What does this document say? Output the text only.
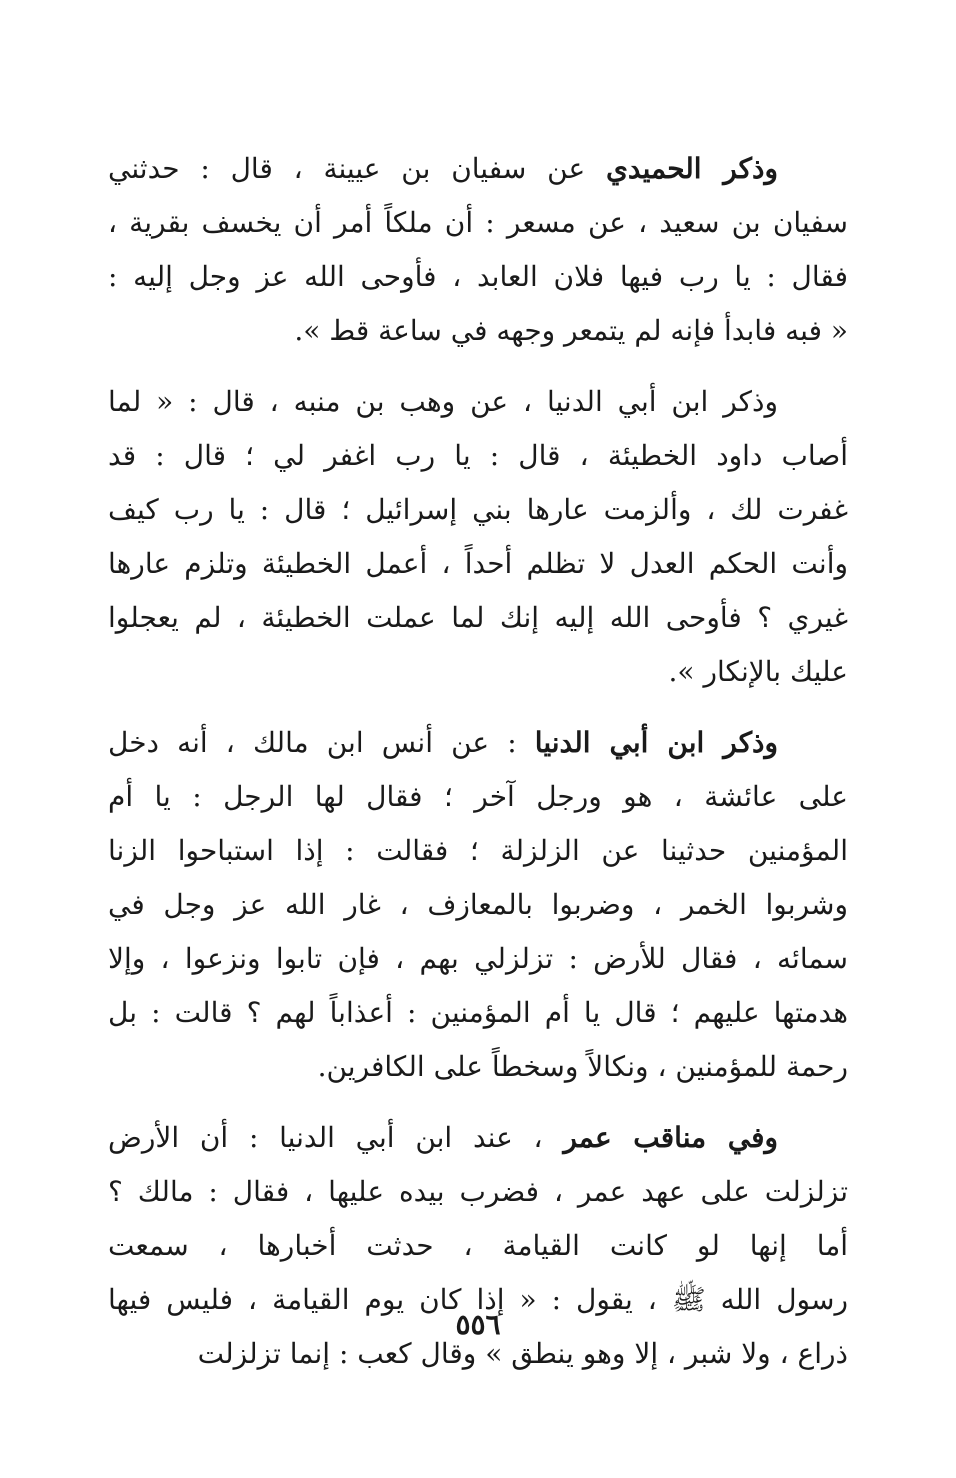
وذكر الحميدي عن سفيان بن عيينة ، قال : حدثني
سفيان بن سعيد ، عن مسعر : أن ملكاً أمر أن يخسف بقرية ،
فقال : يا رب فيها فلان العابد ، فأوحى الله عز وجل إليه :
« فبه فابدأ فإنه لم يتمعر وجهه في ساعة قط ».

وذكر ابن أبي الدنيا ، عن وهب بن منبه ، قال : « لما
أصاب داود الخطيئة ، قال : يا رب اغفر لي ؛ قال : قد
غفرت لك ، وألزمت عارها بني إسرائيل ؛ قال : يا رب كيف
وأنت الحكم العدل لا تظلم أحداً ، أعمل الخطيئة وتلزم عارها
غيري ؟ فأوحى الله إليه إنك لما عملت الخطيئة ، لم يعجلوا
عليك بالإنكار ».

وذكر ابن أبي الدنيا : عن أنس ابن مالك ، أنه دخل
على عائشة ، هو ورجل آخر ؛ فقال لها الرجل : يا أم
المؤمنين حدثينا عن الزلزلة ؛ فقالت : إذا استباحوا الزنا
وشربوا الخمر ، وضربوا بالمعازف ، غار الله عز وجل في
سمائه ، فقال للأرض : تزلزلي بهم ، فإن تابوا ونزعوا ، وإلا
هدمتها عليهم ؛ قال يا أم المؤمنين : أعذاباً لهم ؟ قالت : بل
رحمة للمؤمنين ، ونكالاً وسخطاً على الكافرين.

وفي مناقب عمر ، عند ابن أبي الدنيا : أن الأرض
تزلزلت على عهد عمر ، فضرب بيده عليها ، فقال : مالك ؟
أما إنها لو كانت القيامة ، حدثت أخبارها ، سمعت
رسول الله ﷺ ، يقول : « إذا كان يوم القيامة ، فليس فيها
ذراع ، ولا شبر ، إلا وهو ينطق » وقال كعب : إنما تزلزلت

٥٥٦
